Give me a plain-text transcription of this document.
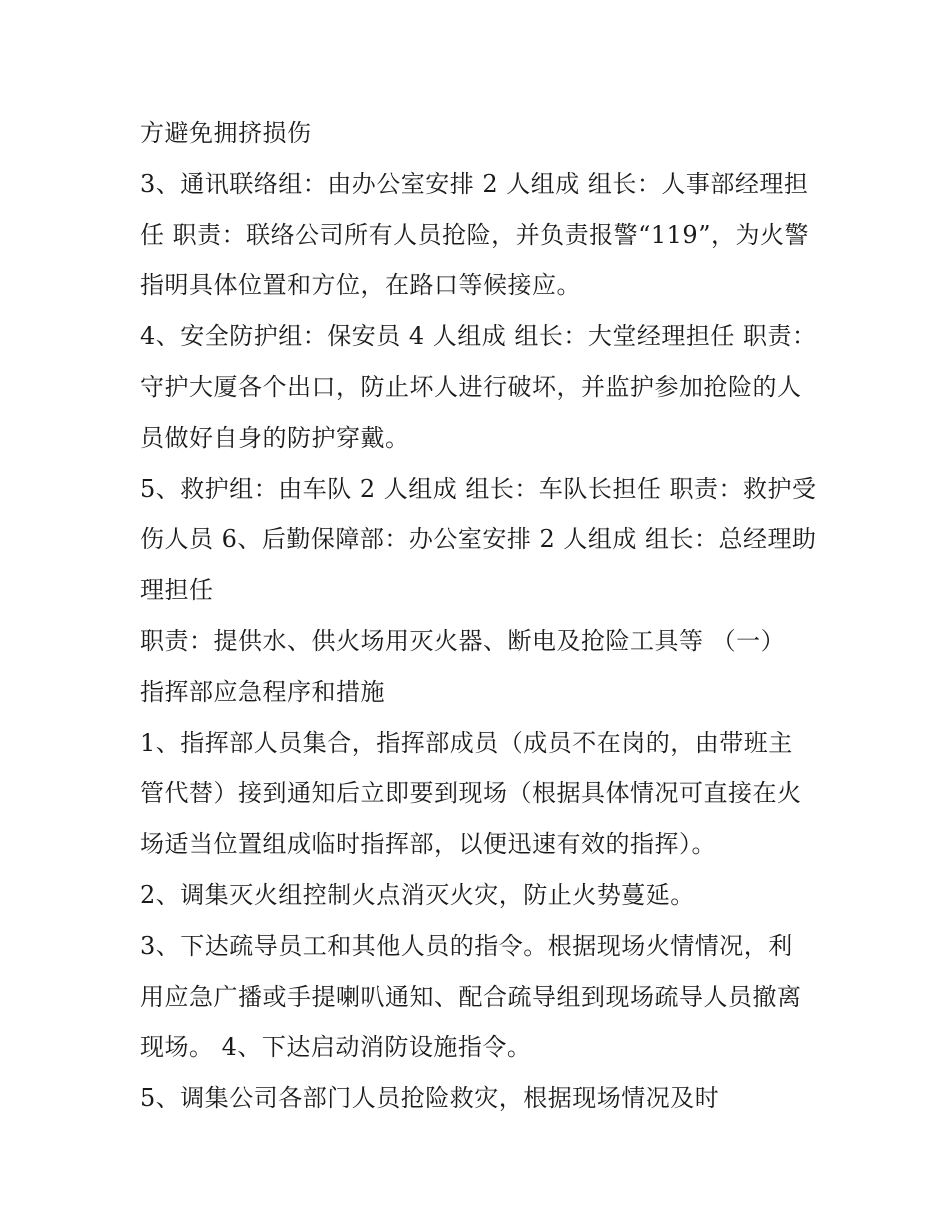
方避免拥挤损伤
3、通讯联络组：由办公室安排 2 人组成 组长：人事部经理担
任 职责：联络公司所有人员抢险，并负责报警“119”，为火警
指明具体位置和方位，在路口等候接应。
4、安全防护组：保安员 4 人组成 组长：大堂经理担任 职责：
守护大厦各个出口，防止坏人进行破坏，并监护参加抢险的人
员做好自身的防护穿戴。
5、救护组：由车队 2 人组成 组长：车队长担任 职责：救护受
伤人员 6、后勤保障部：办公室安排 2 人组成 组长：总经理助
理担任
职责：提供水、供火场用灭火器、断电及抢险工具等 （一）
指挥部应急程序和措施
1、指挥部人员集合，指挥部成员（成员不在岗的，由带班主
管代替）接到通知后立即要到现场（根据具体情况可直接在火
场适当位置组成临时指挥部，以便迅速有效的指挥）。
2、调集灭火组控制火点消灭火灾，防止火势蔓延。
3、下达疏导员工和其他人员的指令。根据现场火情情况，利
用应急广播或手提喇叭通知、配合疏导组到现场疏导人员撤离
现场。 4、下达启动消防设施指令。
5、调集公司各部门人员抢险救灾，根据现场情况及时
